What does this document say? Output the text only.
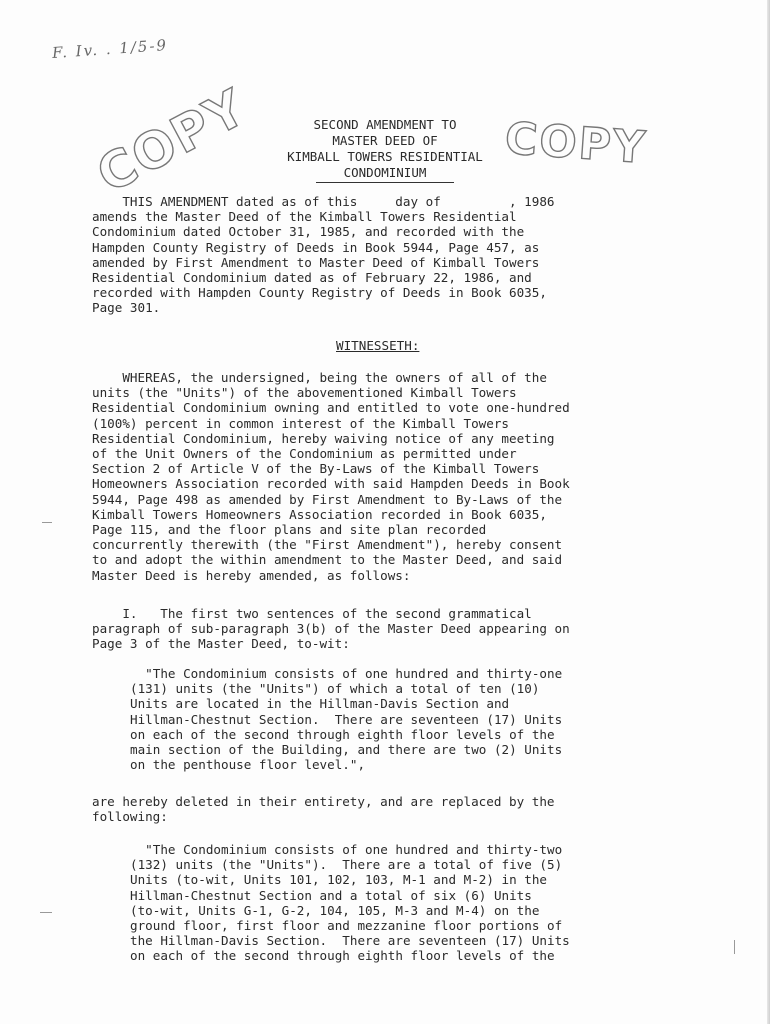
F. Iv. . 1/5-9
COPY	COPY
SECOND AMENDMENT TO
MASTER DEED OF
KIMBALL TOWERS RESIDENTIAL
CONDOMINIUM
THIS AMENDMENT dated as of this     day of         , 1986
amends the Master Deed of the Kimball Towers Residential
Condominium dated October 31, 1985, and recorded with the
Hampden County Registry of Deeds in Book 5944, Page 457, as
amended by First Amendment to Master Deed of Kimball Towers
Residential Condominium dated as of February 22, 1986, and
recorded with Hampden County Registry of Deeds in Book 6035,
Page 301.
WITNESSETH:
WHEREAS, the undersigned, being the owners of all of the
units (the "Units") of the abovementioned Kimball Towers
Residential Condominium owning and entitled to vote one-hundred
(100%) percent in common interest of the Kimball Towers
Residential Condominium, hereby waiving notice of any meeting
of the Unit Owners of the Condominium as permitted under
Section 2 of Article V of the By-Laws of the Kimball Towers
Homeowners Association recorded with said Hampden Deeds in Book
5944, Page 498 as amended by First Amendment to By-Laws of the
Kimball Towers Homeowners Association recorded in Book 6035,
Page 115, and the floor plans and site plan recorded
concurrently therewith (the "First Amendment"), hereby consent
to and adopt the within amendment to the Master Deed, and said
Master Deed is hereby amended, as follows:
I.   The first two sentences of the second grammatical
paragraph of sub-paragraph 3(b) of the Master Deed appearing on
Page 3 of the Master Deed, to-wit:
"The Condominium consists of one hundred and thirty-one
(131) units (the "Units") of which a total of ten (10)
Units are located in the Hillman-Davis Section and
Hillman-Chestnut Section.  There are seventeen (17) Units
on each of the second through eighth floor levels of the
main section of the Building, and there are two (2) Units
on the penthouse floor level.",
are hereby deleted in their entirety, and are replaced by the
following:
"The Condominium consists of one hundred and thirty-two
(132) units (the "Units").  There are a total of five (5)
Units (to-wit, Units 101, 102, 103, M-1 and M-2) in the
Hillman-Chestnut Section and a total of six (6) Units
(to-wit, Units G-1, G-2, 104, 105, M-3 and M-4) on the
ground floor, first floor and mezzanine floor portions of
the Hillman-Davis Section.  There are seventeen (17) Units
on each of the second through eighth floor levels of the
